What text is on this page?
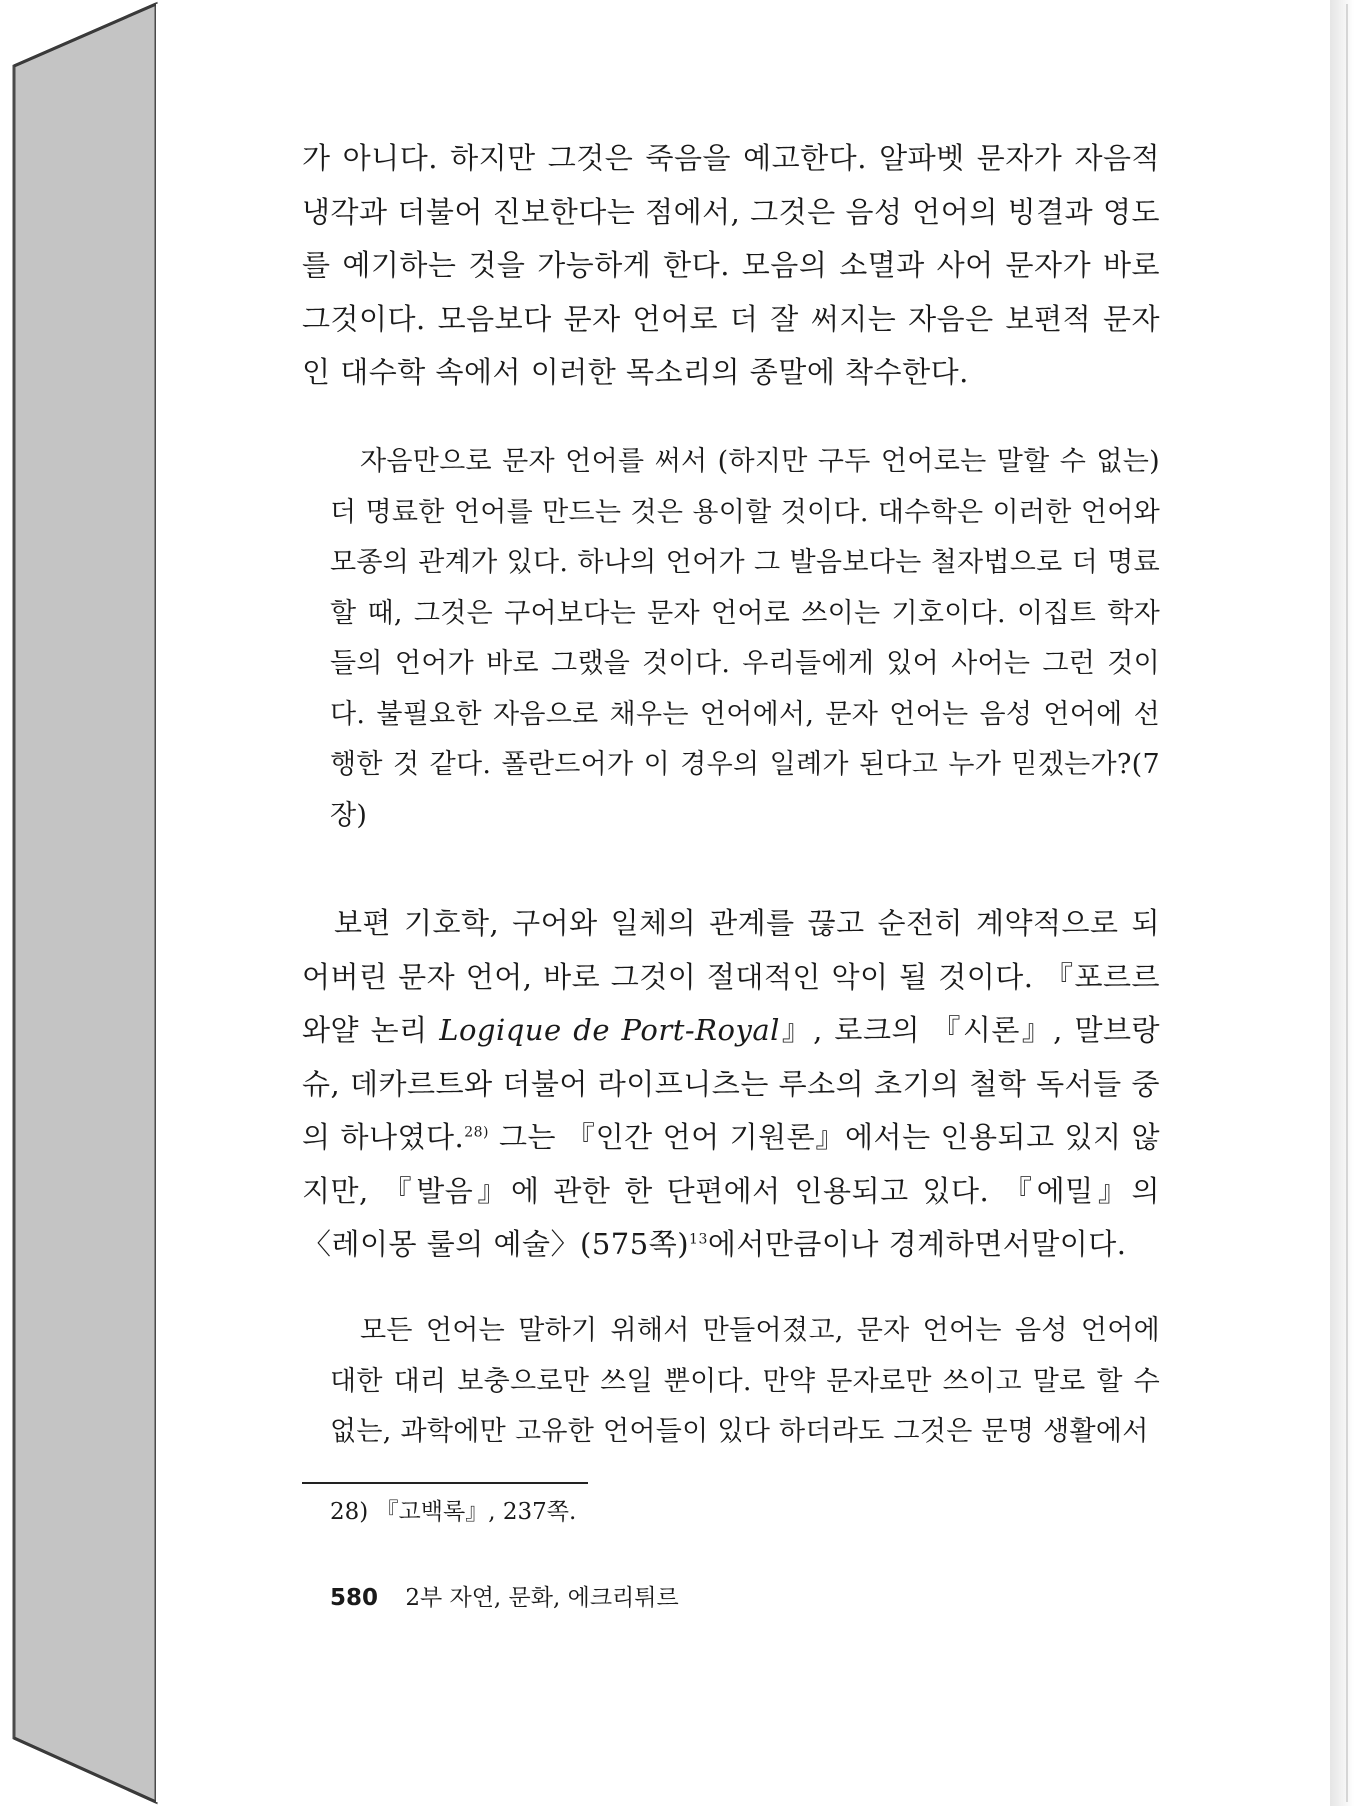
가 아니다. 하지만 그것은 죽음을 예고한다. 알파벳 문자가 자음적 냉각과 더불어 진보한다는 점에서, 그것은 음성 언어의 빙결과 영도를 예기하는 것을 가능하게 한다. 모음의 소멸과 사어 문자가 바로 그것이다. 모음보다 문자 언어로 더 잘 써지는 자음은 보편적 문자인 대수학 속에서 이러한 목소리의 종말에 착수한다.

자음만으로 문자 언어를 써서 (하지만 구두 언어로는 말할 수 없는) 더 명료한 언어를 만드는 것은 용이할 것이다. 대수학은 이러한 언어와 모종의 관계가 있다. 하나의 언어가 그 발음보다는 철자법으로 더 명료할 때, 그것은 구어보다는 문자 언어로 쓰이는 기호이다. 이집트 학자들의 언어가 바로 그랬을 것이다. 우리들에게 있어 사어는 그런 것이다. 불필요한 자음으로 채우는 언어에서, 문자 언어는 음성 언어에 선행한 것 같다. 폴란드어가 이 경우의 일례가 된다고 누가 믿겠는가?(7장)

보편 기호학, 구어와 일체의 관계를 끊고 순전히 계약적으로 되어버린 문자 언어, 바로 그것이 절대적인 악이 될 것이다. 『포르르와얄 논리 Logique de Port-Royal』, 로크의 『시론』, 말브랑슈, 데카르트와 더불어 라이프니츠는 루소의 초기의 철학 독서들 중의 하나였다.$^{28)}$ 그는 『인간 언어 기원론』에서는 인용되고 있지 않지만, 『발음』에 관한 한 단편에서 인용되고 있다. 『에밀』의 〈레이몽 룰의 예술〉(575쪽)$^{13}$에서만큼이나 경계하면서말이다.

모든 언어는 말하기 위해서 만들어졌고, 문자 언어는 음성 언어에 대한 대리 보충으로만 쓰일 뿐이다. 만약 문자로만 쓰이고 말로 할 수 없는, 과학에만 고유한 언어들이 있다 하더라도 그것은 문명 생활에서

28) 『고백록』, 237쪽.
580 2부 자연, 문화, 에크리튀르
